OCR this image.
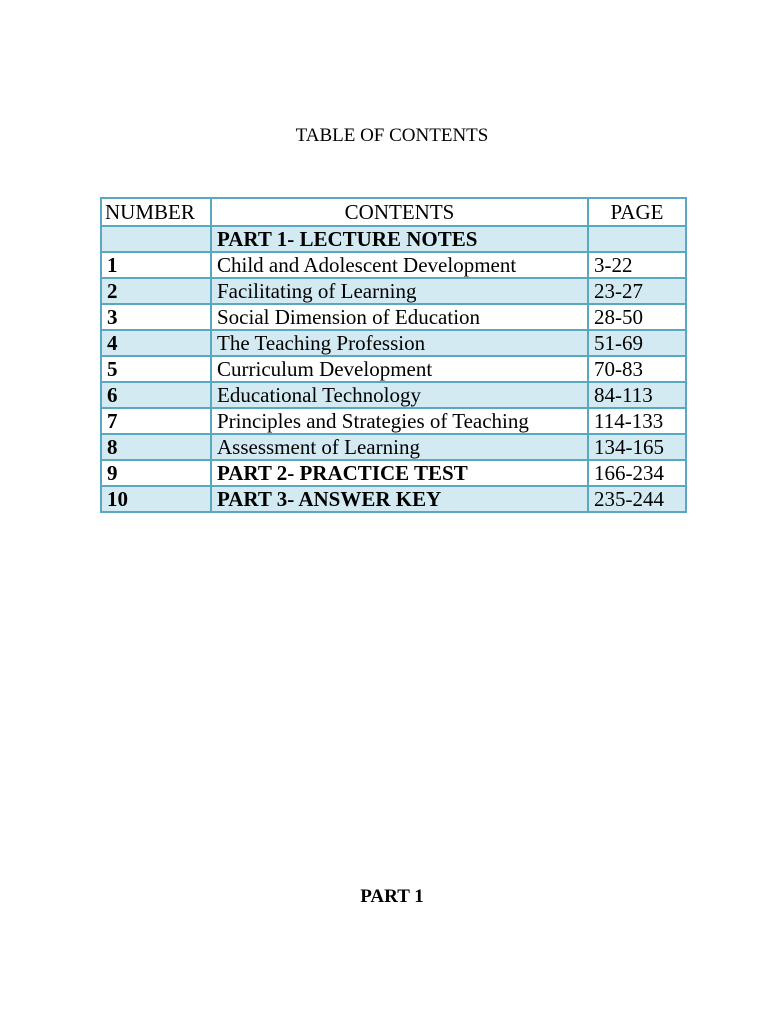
TABLE OF CONTENTS
NUMBER	CONTENTS	PAGE
	PART 1- LECTURE NOTES	
1	Child and Adolescent Development	3-22
2	Facilitating of Learning	23-27
3	Social Dimension of Education	28-50
4	The Teaching Profession	51-69
5	Curriculum Development	70-83
6	Educational Technology	84-113
7	Principles and Strategies of Teaching	114-133
8	Assessment of Learning	134-165
9	PART 2- PRACTICE TEST	166-234
10	PART 3- ANSWER KEY	235-244
PART 1
